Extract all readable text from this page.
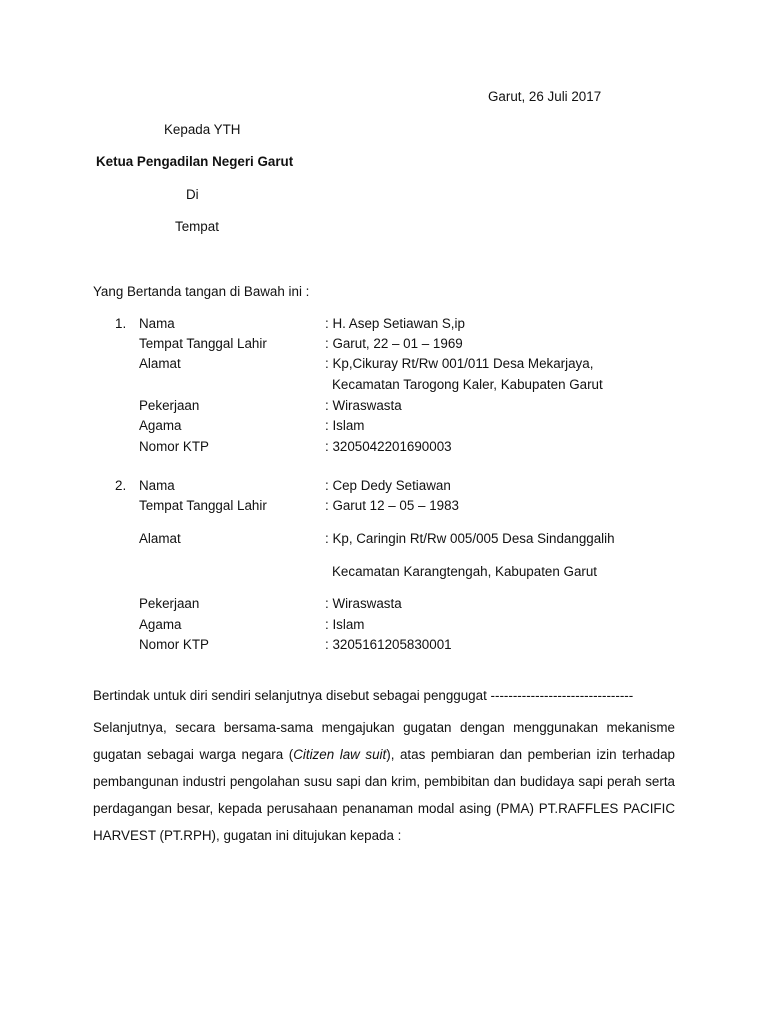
Garut, 26 Juli 2017
Kepada YTH
Ketua Pengadilan Negeri Garut
Di
Tempat
Yang Bertanda tangan di Bawah ini :
1. Nama	: H. Asep Setiawan S,ip
Tempat Tanggal Lahir	: Garut, 22 – 01 – 1969
Alamat	: Kp,Cikuray Rt/Rw 001/011 Desa Mekarjaya,
Kecamatan Tarogong Kaler, Kabupaten Garut
Pekerjaan	: Wiraswasta
Agama	: Islam
Nomor KTP	: 3205042201690003
2. Nama	: Cep Dedy Setiawan
Tempat Tanggal Lahir	: Garut 12 – 05 – 1983
Alamat	: Kp, Caringin Rt/Rw 005/005 Desa Sindanggalih
Kecamatan Karangtengah, Kabupaten Garut
Pekerjaan	: Wiraswasta
Agama	: Islam
Nomor KTP	: 3205161205830001
Bertindak untuk diri sendiri selanjutnya disebut sebagai penggugat --------------------------------
Selanjutnya, secara bersama-sama mengajukan gugatan dengan menggunakan mekanisme gugatan sebagai warga negara (Citizen law suit), atas pembiaran dan pemberian izin terhadap pembangunan industri pengolahan susu sapi dan krim, pembibitan dan budidaya sapi perah serta perdagangan besar, kepada perusahaan penanaman modal asing (PMA) PT.RAFFLES PACIFIC HARVEST (PT.RPH), gugatan ini ditujukan kepada :
